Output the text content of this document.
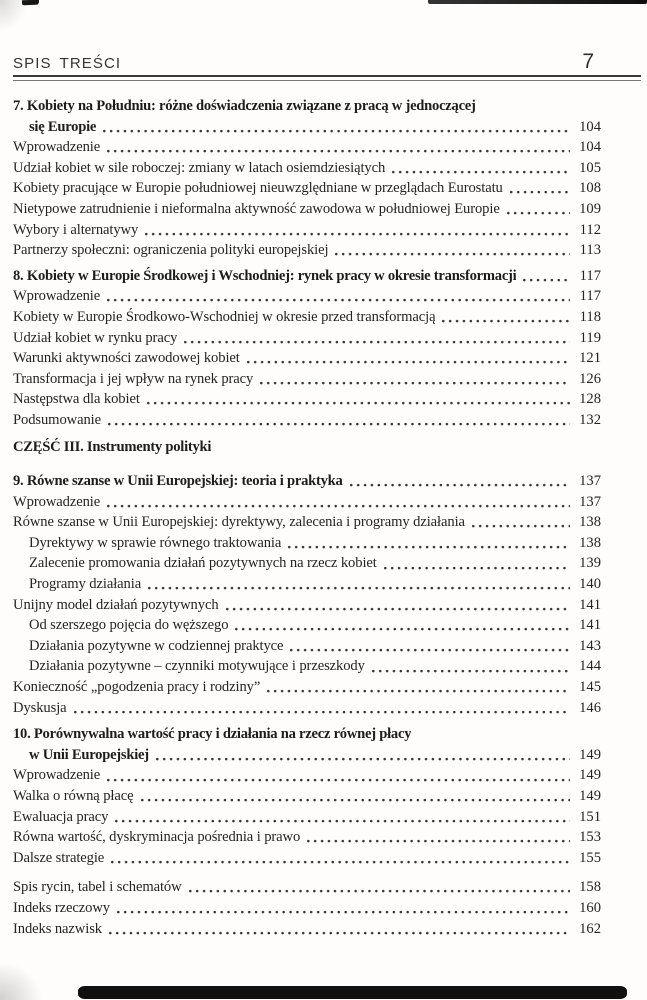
SPIS TREŚCI	7
7. Kobiety na Południu: różne doświadczenia związane z pracą w jednoczącej
się Europie	104
Wprowadzenie	104
Udział kobiet w sile roboczej: zmiany w latach osiemdziesiątych	105
Kobiety pracujące w Europie południowej nieuwzględniane w przeglądach Eurostatu	108
Nietypowe zatrudnienie i nieformalna aktywność zawodowa w południowej Europie	109
Wybory i alternatywy	112
Partnerzy społeczni: ograniczenia polityki europejskiej	113
8. Kobiety w Europie Środkowej i Wschodniej: rynek pracy w okresie transformacji	117
Wprowadzenie	117
Kobiety w Europie Środkowo-Wschodniej w okresie przed transformacją	118
Udział kobiet w rynku pracy	119
Warunki aktywności zawodowej kobiet	121
Transformacja i jej wpływ na rynek pracy	126
Następstwa dla kobiet	128
Podsumowanie	132
CZĘŚĆ III. Instrumenty polityki
9. Równe szanse w Unii Europejskiej: teoria i praktyka	137
Wprowadzenie	137
Równe szanse w Unii Europejskiej: dyrektywy, zalecenia i programy działania	138
Dyrektywy w sprawie równego traktowania	138
Zalecenie promowania działań pozytywnych na rzecz kobiet	139
Programy działania	140
Unijny model działań pozytywnych	141
Od szerszego pojęcia do węższego	141
Działania pozytywne w codziennej praktyce	143
Działania pozytywne – czynniki motywujące i przeszkody	144
Konieczność „pogodzenia pracy i rodziny”	145
Dyskusja	146
10. Porównywalna wartość pracy i działania na rzecz równej płacy
w Unii Europejskiej	149
Wprowadzenie	149
Walka o równą płacę	149
Ewaluacja pracy	151
Równa wartość, dyskryminacja pośrednia i prawo	153
Dalsze strategie	155
Spis rycin, tabel i schematów	158
Indeks rzeczowy	160
Indeks nazwisk	162
